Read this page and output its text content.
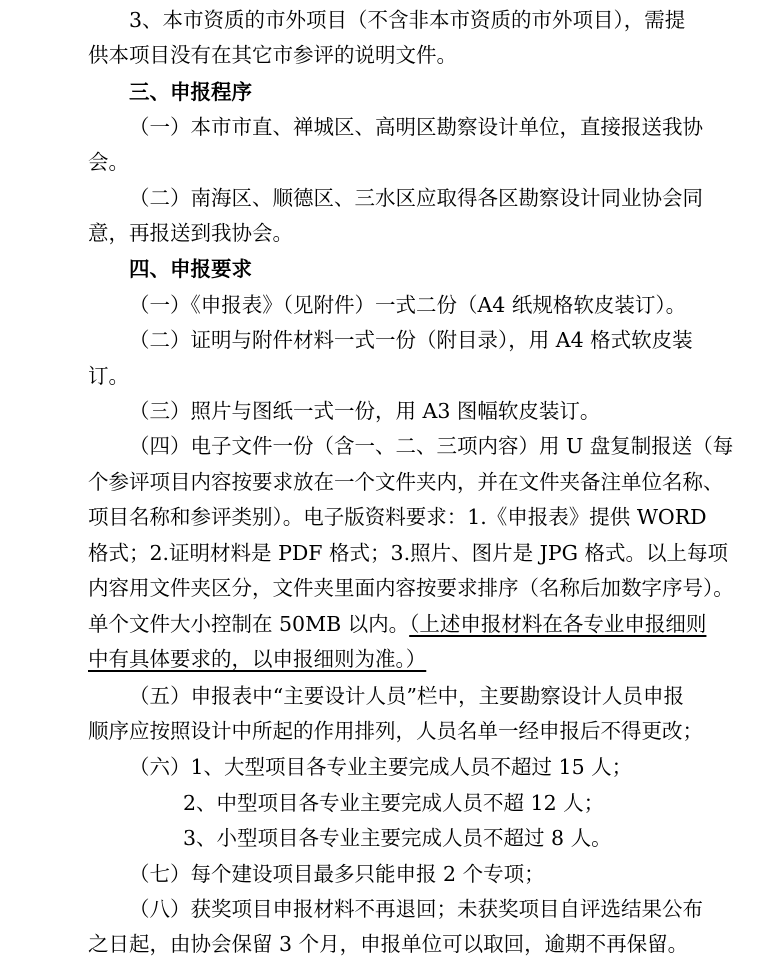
3、本市资质的市外项目（不含非本市资质的市外项目），需提
供本项目没有在其它市参评的说明文件。
三、申报程序
（一）本市市直、禅城区、高明区勘察设计单位，直接报送我协
会。
（二）南海区、顺德区、三水区应取得各区勘察设计同业协会同
意，再报送到我协会。
四、申报要求
（一）《申报表》（见附件）一式二份（A4 纸规格软皮装订）。
（二）证明与附件材料一式一份（附目录），用 A4 格式软皮装
订。
（三）照片与图纸一式一份，用 A3 图幅软皮装订。
（四）电子文件一份（含一、二、三项内容）用 U 盘复制报送（每
个参评项目内容按要求放在一个文件夹内，并在文件夹备注单位名称、
项目名称和参评类别）。电子版资料要求：1.《申报表》提供 WORD
格式；2.证明材料是 PDF 格式；3.照片、图片是 JPG 格式。以上每项
内容用文件夹区分，文件夹里面内容按要求排序（名称后加数字序号）。
单个文件大小控制在 50MB 以内。（上述申报材料在各专业申报细则
中有具体要求的，以申报细则为准。）
（五）申报表中“主要设计人员”栏中，主要勘察设计人员申报
顺序应按照设计中所起的作用排列，人员名单一经申报后不得更改；
（六）1、大型项目各专业主要完成人员不超过 15 人；
2、中型项目各专业主要完成人员不超 12 人；
3、小型项目各专业主要完成人员不超过 8 人。
（七）每个建设项目最多只能申报 2 个专项；
（八）获奖项目申报材料不再退回；未获奖项目自评选结果公布
之日起，由协会保留 3 个月，申报单位可以取回，逾期不再保留。
